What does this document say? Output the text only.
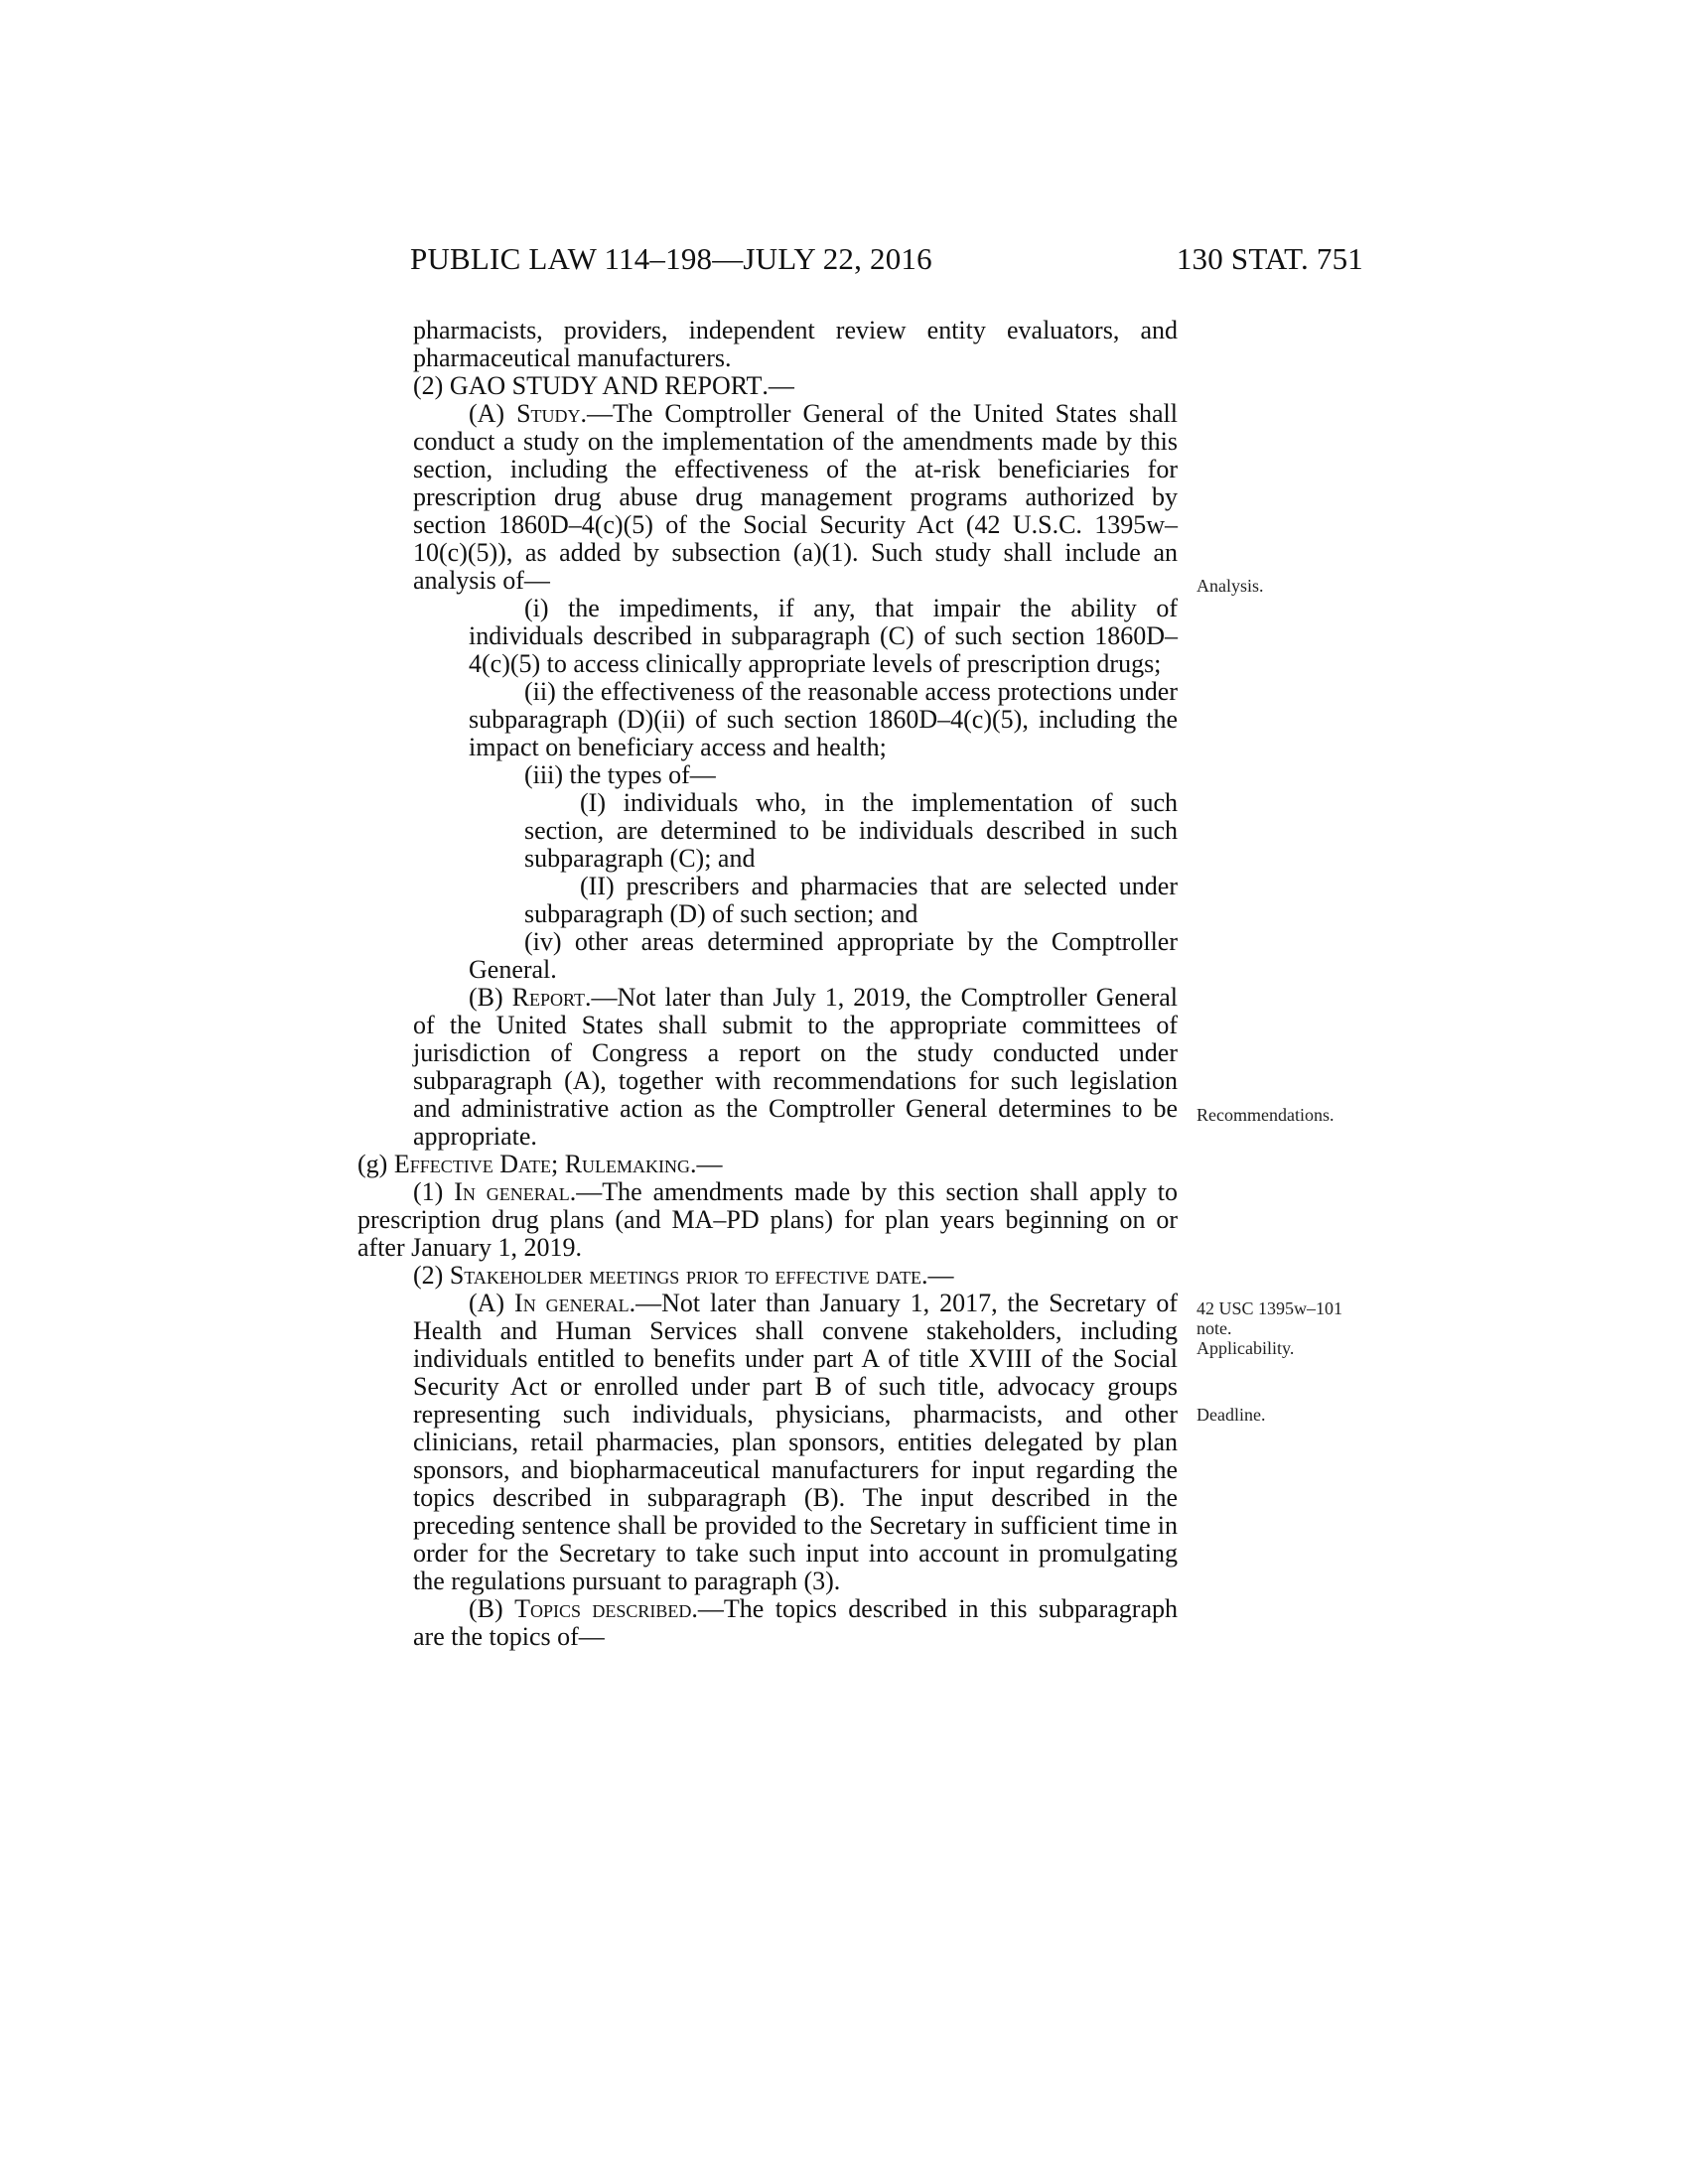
PUBLIC LAW 114–198—JULY 22, 2016	130 STAT. 751

pharmacists, providers, independent review entity evaluators, and pharmaceutical manufacturers.

(2) GAO STUDY AND REPORT.—

(A) Study.—The Comptroller General of the United States shall conduct a study on the implementation of the amendments made by this section, including the effectiveness of the at-risk beneficiaries for prescription drug abuse drug management programs authorized by section 1860D–4(c)(5) of the Social Security Act (42 U.S.C. 1395w–10(c)(5)), as added by subsection (a)(1). Such study shall include an analysis of—

(i) the impediments, if any, that impair the ability of individuals described in subparagraph (C) of such section 1860D–4(c)(5) to access clinically appropriate levels of prescription drugs;

(ii) the effectiveness of the reasonable access protections under subparagraph (D)(ii) of such section 1860D–4(c)(5), including the impact on beneficiary access and health;

(iii) the types of—

(I) individuals who, in the implementation of such section, are determined to be individuals described in such subparagraph (C); and

(II) prescribers and pharmacies that are selected under subparagraph (D) of such section; and

(iv) other areas determined appropriate by the Comptroller General.

(B) Report.—Not later than July 1, 2019, the Comptroller General of the United States shall submit to the appropriate committees of jurisdiction of Congress a report on the study conducted under subparagraph (A), together with recommendations for such legislation and administrative action as the Comptroller General determines to be appropriate.

(g) Effective Date; Rulemaking.—

(1) In general.—The amendments made by this section shall apply to prescription drug plans (and MA–PD plans) for plan years beginning on or after January 1, 2019.

(2) Stakeholder meetings prior to effective date.—

(A) In general.—Not later than January 1, 2017, the Secretary of Health and Human Services shall convene stakeholders, including individuals entitled to benefits under part A of title XVIII of the Social Security Act or enrolled under part B of such title, advocacy groups representing such individuals, physicians, pharmacists, and other clinicians, retail pharmacies, plan sponsors, entities delegated by plan sponsors, and biopharmaceutical manufacturers for input regarding the topics described in subparagraph (B). The input described in the preceding sentence shall be provided to the Secretary in sufficient time in order for the Secretary to take such input into account in promulgating the regulations pursuant to paragraph (3).

(B) Topics described.—The topics described in this subparagraph are the topics of—

Analysis.
Recommendations.
42 USC 1395w–101 note.
Applicability.
Deadline.
